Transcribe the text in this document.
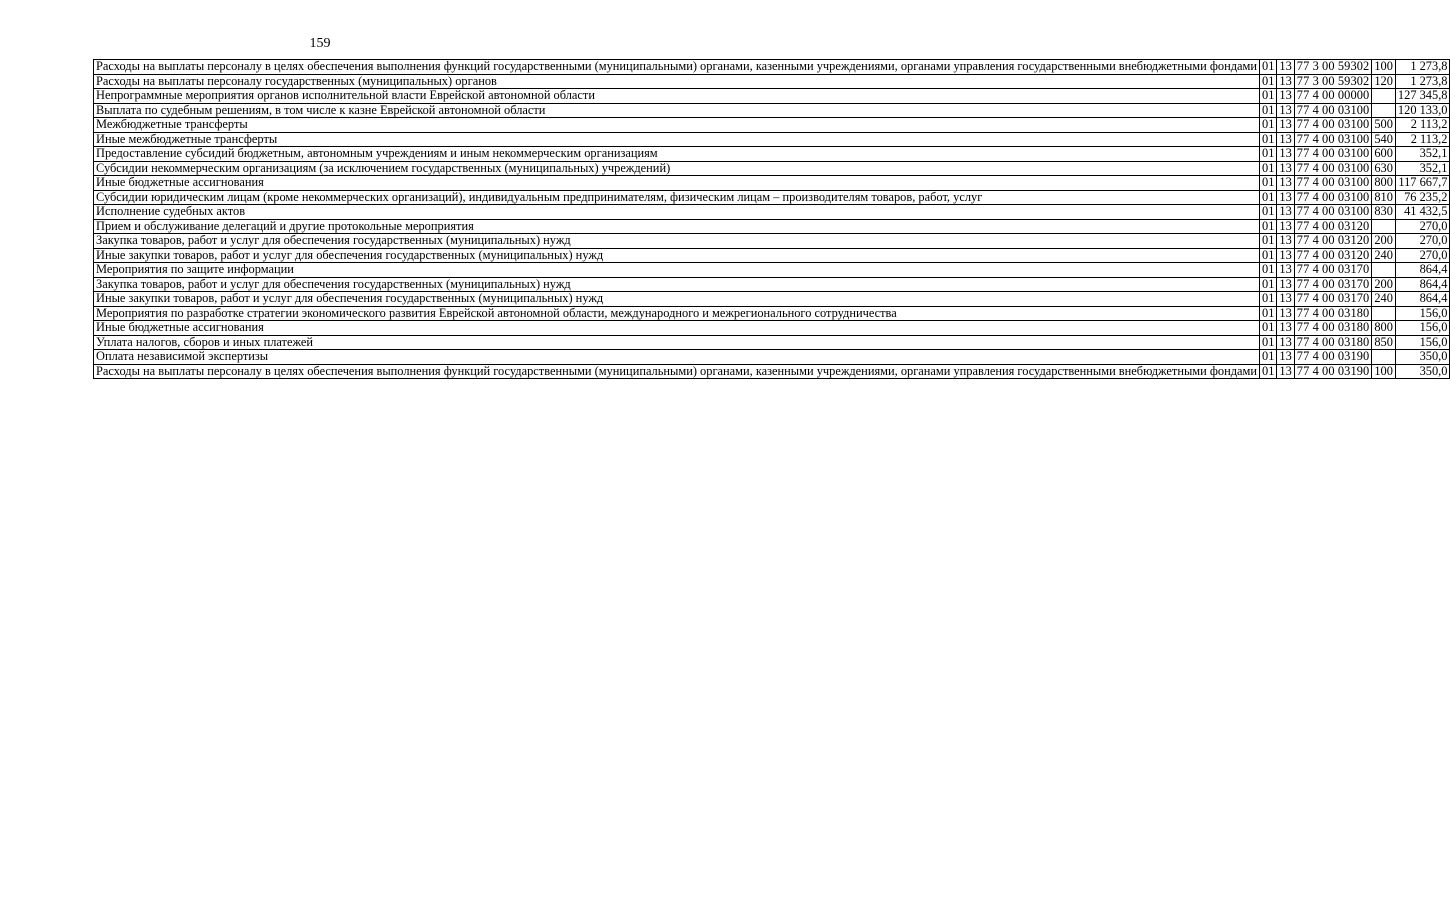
159
Расходы на выплаты персоналу в целях обеспечения выполнения функций государственными (муниципальными) органами, казенными учреждениями, органами управления государственными внебюджетными фондами	01	13	77 3 00 59302	100	1 273,8
Расходы на выплаты персоналу государственных (муниципальных) органов	01	13	77 3 00 59302	120	1 273,8
Непрограммные мероприятия органов исполнительной власти Еврейской автономной области	01	13	77 4 00 00000		127 345,8
Выплата по судебным решениям, в том числе к казне Еврейской автономной области	01	13	77 4 00 03100		120 133,0
Межбюджетные трансферты	01	13	77 4 00 03100	500	2 113,2
Иные межбюджетные трансферты	01	13	77 4 00 03100	540	2 113,2
Предоставление субсидий бюджетным, автономным учреждениям и иным некоммерческим организациям	01	13	77 4 00 03100	600	352,1
Субсидии некоммерческим организациям (за исключением государственных (муниципальных) учреждений)	01	13	77 4 00 03100	630	352,1
Иные бюджетные ассигнования	01	13	77 4 00 03100	800	117 667,7
Субсидии юридическим лицам (кроме некоммерческих организаций), индивидуальным предпринимателям, физическим лицам – производителям товаров, работ, услуг	01	13	77 4 00 03100	810	76 235,2
Исполнение судебных актов	01	13	77 4 00 03100	830	41 432,5
Прием и обслуживание делегаций и другие протокольные мероприятия	01	13	77 4 00 03120		270,0
Закупка товаров, работ и услуг для обеспечения государственных (муниципальных) нужд	01	13	77 4 00 03120	200	270,0
Иные закупки товаров, работ и услуг для обеспечения государственных (муниципальных) нужд	01	13	77 4 00 03120	240	270,0
Мероприятия по защите информации	01	13	77 4 00 03170		864,4
Закупка товаров, работ и услуг для обеспечения государственных (муниципальных) нужд	01	13	77 4 00 03170	200	864,4
Иные закупки товаров, работ и услуг для обеспечения государственных (муниципальных) нужд	01	13	77 4 00 03170	240	864,4
Мероприятия по разработке стратегии экономического развития Еврейской автономной области, международного и межрегионального сотрудничества	01	13	77 4 00 03180		156,0
Иные бюджетные ассигнования	01	13	77 4 00 03180	800	156,0
Уплата налогов, сборов и иных платежей	01	13	77 4 00 03180	850	156,0
Оплата независимой экспертизы	01	13	77 4 00 03190		350,0
Расходы на выплаты персоналу в целях обеспечения выполнения функций государственными (муниципальными) органами, казенными учреждениями, органами управления государственными внебюджетными фондами	01	13	77 4 00 03190	100	350,0
